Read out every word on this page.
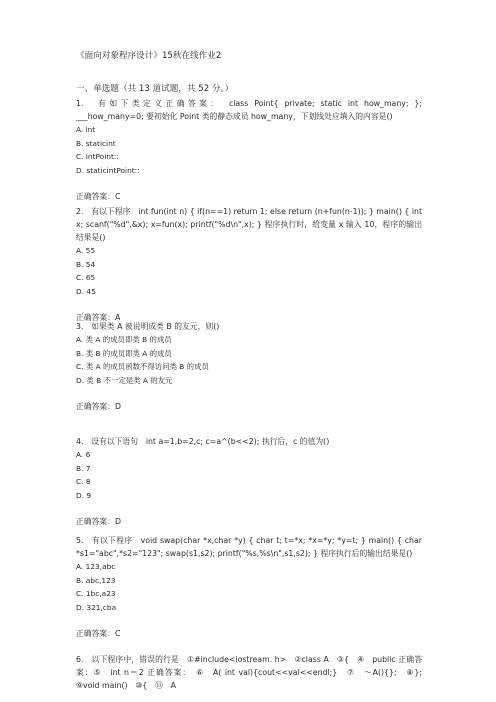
《面向对象程序设计》15秋在线作业2
一、单选题（共 13 道试题，共 52 分。）
1.　有如下类定义正确答案：　class Point{ private; static int how_many; }; ___how_many=0; 要初始化 Point 类的静态成员 how_many，下划线处应填入的内容是()
A. int
B. staticint
C. intPoint::
D. staticintPoint::
正确答案：C
2.　有以下程序　int fun(int n) { if(n==1) return 1; else return (n+fun(n-1)); } main() { int x; scanf("%d",&x); x=fun(x); printf("%d\n",x); } 程序执行时，给变量 x 输入 10，程序的输出结果是()
A. 55
B. 54
C. 65
D. 45
正确答案：A
3.　如果类 A 被说明成类 B 的友元，则()
A. 类 A 的成员即类 B 的成员
B. 类 B 的成员即类 A 的成员
C. 类 A 的成员函数不得访问类 B 的成员
D. 类 B 不一定是类 A 的友元
正确答案：D
4.　设有以下语句　int a=1,b=2,c; c=a^(b<<2); 执行后，c 的值为()
A. 6
B. 7
C. 8
D. 9
正确答案：D
5.　有以下程序　void swap(char *x,char *y) { char t; t=*x; *x=*y; *y=t; } main() { char *s1="abc",*s2="123"; swap(s1,s2); printf("%s,%s\n",s1,s2); } 程序执行后的输出结果是()
A. 123,abc
B. abc,123
C. 1bc,a23
D. 321,cba
正确答案：C
6.　以下程序中，错误的行是　①#include<iostream. h>　②class A　③{　④　public 正确答案：⑤　int n＝2 正确答案：　⑥　A( int val){cout<<val<<endl;}　⑦　～A(){};　⑧};　⑨void main()　⑩{　⑪　A
